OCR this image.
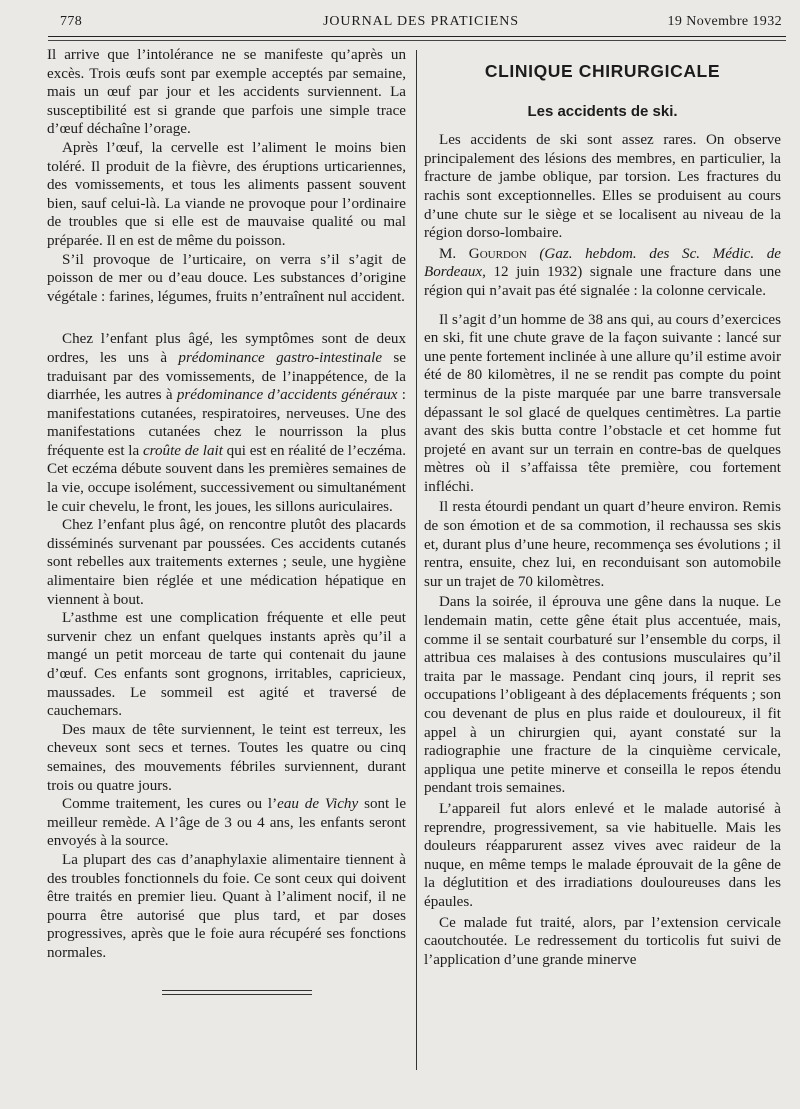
778	JOURNAL DES PRATICIENS	19 Novembre 1932

Il arrive que l’intolérance ne se manifeste qu’après un excès. Trois œufs sont par exemple acceptés par semaine, mais un œuf par jour et les accidents surviennent. La susceptibilité est si grande que parfois une simple trace d’œuf déchaîne l’orage.

Après l’œuf, la cervelle est l’aliment le moins bien toléré. Il produit de la fièvre, des éruptions urticariennes, des vomissements, et tous les aliments passent souvent bien, sauf celui-là. La viande ne provoque pour l’ordinaire de troubles que si elle est de mauvaise qualité ou mal préparée. Il en est de même du poisson.

S’il provoque de l’urticaire, on verra s’il s’agit de poisson de mer ou d’eau douce. Les substances d’origine végétale : farines, légumes, fruits n’entraînent nul accident.

Chez l’enfant plus âgé, les symptômes sont de deux ordres, les uns à prédominance gastro-intestinale se traduisant par des vomissements, de l’inappétence, de la diarrhée, les autres à prédominance d’accidents généraux : manifestations cutanées, respiratoires, nerveuses. Une des manifestations cutanées chez le nourrisson la plus fréquente est la croûte de lait qui est en réalité de l’eczéma. Cet eczéma débute souvent dans les premières semaines de la vie, occupe isolément, successivement ou simultanément le cuir chevelu, le front, les joues, les sillons auriculaires.

Chez l’enfant plus âgé, on rencontre plutôt des placards disséminés survenant par poussées. Ces accidents cutanés sont rebelles aux traitements externes ; seule, une hygiène alimentaire bien réglée et une médication hépatique en viennent à bout.

L’asthme est une complication fréquente et elle peut survenir chez un enfant quelques instants après qu’il a mangé un petit morceau de tarte qui contenait du jaune d’œuf. Ces enfants sont grognons, irritables, capricieux, maussades. Le sommeil est agité et traversé de cauchemars.

Des maux de tête surviennent, le teint est terreux, les cheveux sont secs et ternes. Toutes les quatre ou cinq semaines, des mouvements fébriles surviennent, durant trois ou quatre jours.

Comme traitement, les cures ou l’eau de Vichy sont le meilleur remède. A l’âge de 3 ou 4 ans, les enfants seront envoyés à la source.

La plupart des cas d’anaphylaxie alimentaire tiennent à des troubles fonctionnels du foie. Ce sont ceux qui doivent être traités en premier lieu. Quant à l’aliment nocif, il ne pourra être autorisé que plus tard, et par doses progressives, après que le foie aura récupéré ses fonctions normales.

CLINIQUE CHIRURGICALE
Les accidents de ski.

Les accidents de ski sont assez rares. On observe principalement des lésions des membres, en particulier, la fracture de jambe oblique, par torsion. Les fractures du rachis sont exceptionnelles. Elles se produisent au cours d’une chute sur le siège et se localisent au niveau de la région dorso-lombaire.

M. Gourdon (Gaz. hebdom. des Sc. Médic. de Bordeaux, 12 juin 1932) signale une fracture dans une région qui n’avait pas été signalée : la colonne cervicale.

Il s’agit d’un homme de 38 ans qui, au cours d’exercices en ski, fit une chute grave de la façon suivante : lancé sur une pente fortement inclinée à une allure qu’il estime avoir été de 80 kilomètres, il ne se rendit pas compte du point terminus de la piste marquée par une barre transversale dépassant le sol glacé de quelques centimètres. La partie avant des skis butta contre l’obstacle et cet homme fut projeté en avant sur un terrain en contre-bas de quelques mètres où il s’affaissa tête première, cou fortement infléchi.

Il resta étourdi pendant un quart d’heure environ. Remis de son émotion et de sa commotion, il rechaussa ses skis et, durant plus d’une heure, recommença ses évolutions ; il rentra, ensuite, chez lui, en reconduisant son automobile sur un trajet de 70 kilomètres.

Dans la soirée, il éprouva une gêne dans la nuque. Le lendemain matin, cette gêne était plus accentuée, mais, comme il se sentait courbaturé sur l’ensemble du corps, il attribua ces malaises à des contusions musculaires qu’il traita par le massage. Pendant cinq jours, il reprit ses occupations l’obligeant à des déplacements fréquents ; son cou devenant de plus en plus raide et douloureux, il fit appel à un chirurgien qui, ayant constaté sur la radiographie une fracture de la cinquième cervicale, appliqua une petite minerve et conseilla le repos étendu pendant trois semaines.

L’appareil fut alors enlevé et le malade autorisé à reprendre, progressivement, sa vie habituelle. Mais les douleurs réapparurent assez vives avec raideur de la nuque, en même temps le malade éprouvait de la gêne de la déglutition et des irradiations douloureuses dans les épaules.

Ce malade fut traité, alors, par l’extension cervicale caoutchoutée. Le redressement du torticolis fut suivi de l’application d’une grande minerve
